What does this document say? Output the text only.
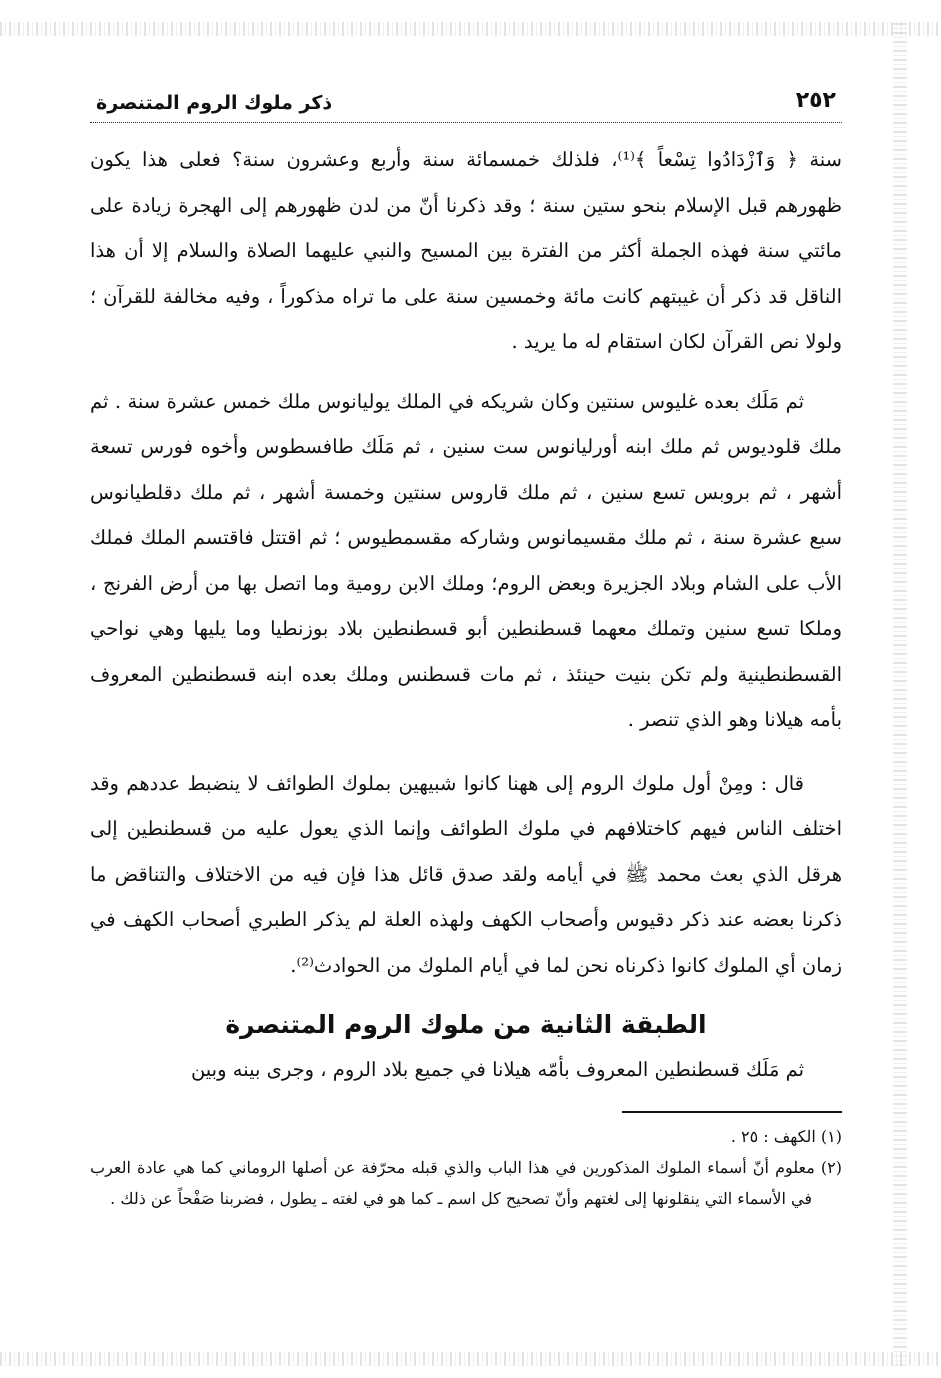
٢٥٢
ذكر ملوك الروم المتنصرة

سنة ﴿ وَٱزْدَادُوا تِسْعاً ﴾⁽¹⁾، فلذلك خمسمائة سنة وأربع وعشرون سنة؟ فعلى هذا يكون ظهورهم قبل الإسلام بنحو ستين سنة ؛ وقد ذكرنا أنّ من لدن ظهورهم إلى الهجرة زيادة على مائتي سنة فهذه الجملة أكثر من الفترة بين المسيح والنبي عليهما الصلاة والسلام إلا أن هذا الناقل قد ذكر أن غيبتهم كانت مائة وخمسين سنة على ما تراه مذكوراً ، وفيه مخالفة للقرآن ؛ ولولا نص القرآن لكان استقام له ما يريد .

ثم مَلَك بعده غليوس سنتين وكان شريكه في الملك يوليانوس ملك خمس عشرة سنة . ثم ملك قلوديوس ثم ملك ابنه أورليانوس ست سنين ، ثم مَلَك طافسطوس وأخوه فورس تسعة أشهر ، ثم بروبس تسع سنين ، ثم ملك قاروس سنتين وخمسة أشهر ، ثم ملك دقلطيانوس سبع عشرة سنة ، ثم ملك مقسيمانوس وشاركه مقسمطيوس ؛ ثم اقتتل فاقتسم الملك فملك الأب على الشام وبلاد الجزيرة وبعض الروم؛ وملك الابن رومية وما اتصل بها من أرض الفرنج ، وملكا تسع سنين وتملك معهما قسطنطين أبو قسطنطين بلاد بوزنطيا وما يليها وهي نواحي القسطنطينية ولم تكن بنيت حينئذ ، ثم مات قسطنس وملك بعده ابنه قسطنطين المعروف بأمه هيلانا وهو الذي تنصر .

قال : ومِنْ أول ملوك الروم إلى ههنا كانوا شبيهين بملوك الطوائف لا ينضبط عددهم وقد اختلف الناس فيهم كاختلافهم في ملوك الطوائف وإنما الذي يعول عليه من قسطنطين إلى هرقل الذي بعث محمد ﷺ في أيامه ولقد صدق قائل هذا فإن فيه من الاختلاف والتناقض ما ذكرنا بعضه عند ذكر دقيوس وأصحاب الكهف ولهذه العلة لم يذكر الطبري أصحاب الكهف في زمان أي الملوك كانوا ذكرناه نحن لما في أيام الملوك من الحوادث⁽²⁾.

الطبقة الثانية من ملوك الروم المتنصرة

ثم مَلَك قسطنطين المعروف بأمّه هيلانا في جميع بلاد الروم ، وجرى بينه وبين

(١) الكهف : ٢٥ .

(٢) معلوم أنّ أسماء الملوك المذكورين في هذا الباب والذي قبله محرّفة عن أصلها الروماني كما هي عادة العرب في الأسماء التي ينقلونها إلى لغتهم وأنّ تصحيح كل اسم ـ كما هو في لغته ـ يطول ، فضربنا صَفْحاً عن ذلك .
